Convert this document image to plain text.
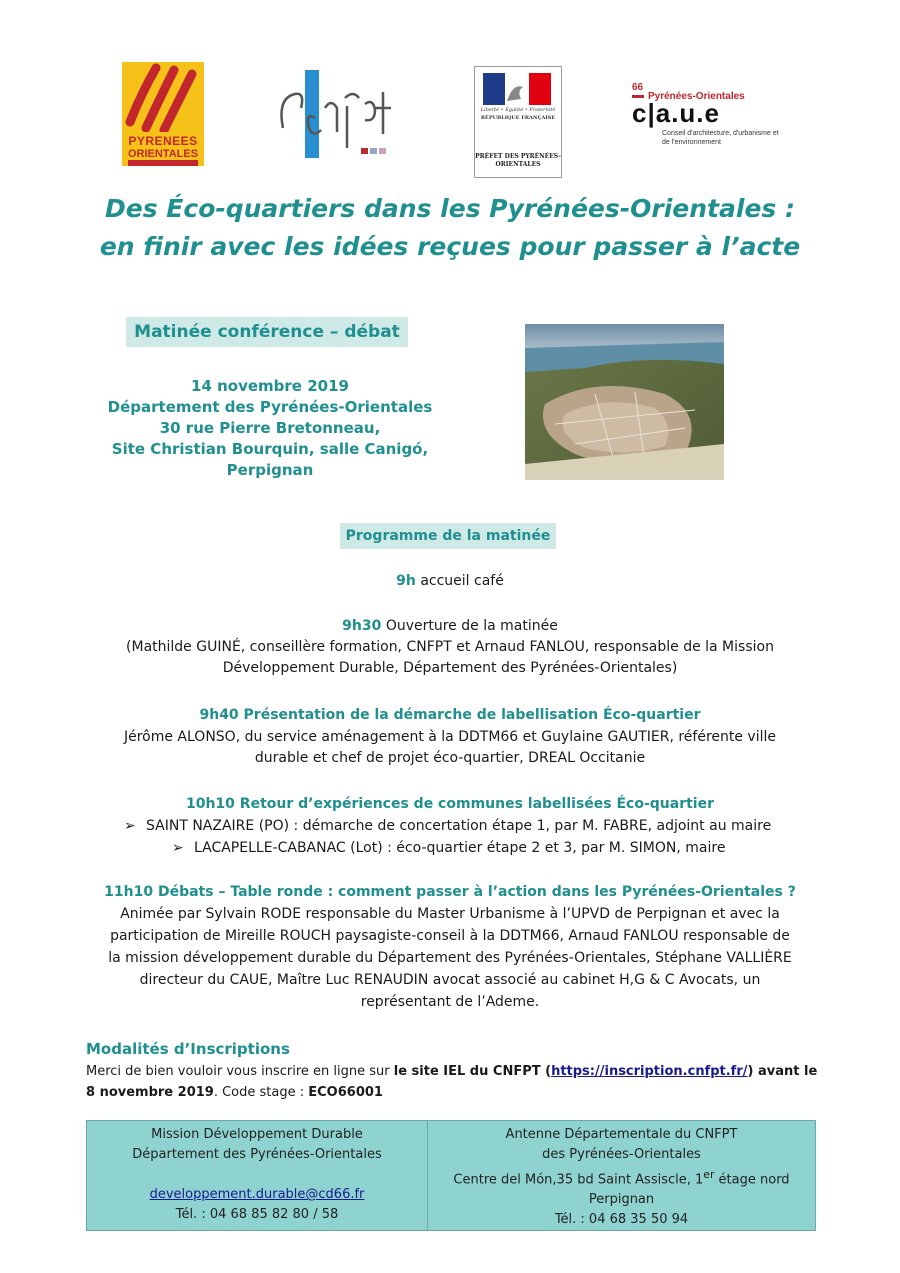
PYRENEES
ORIENTALES
Liberté • Égalité • Fraternité
RÉPUBLIQUE FRANÇAISE
PRÉFET DES PYRÉNÉES-ORIENTALES
66
Pyrénées-Orientales
c|a.u.e
Conseil d'architecture, d'urbanisme et de l'environnement
Des Éco-quartiers dans les Pyrénées-Orientales :
en finir avec les idées reçues pour passer à l’acte
Matinée conférence – débat
14 novembre 2019
Département des Pyrénées-Orientales
30 rue Pierre Bretonneau,
Site Christian Bourquin, salle Canigó,
Perpignan
Programme de la matinée
9h accueil café
9h30 Ouverture de la matinée
(Mathilde GUINÉ, conseillère formation, CNFPT et Arnaud FANLOU, responsable de la Mission
Développement Durable, Département des Pyrénées-Orientales)
9h40 Présentation de la démarche de labellisation Éco-quartier
Jérôme ALONSO, du service aménagement à la DDTM66 et Guylaine GAUTIER, référente ville
durable et chef de projet éco-quartier, DREAL Occitanie
10h10 Retour d’expériences de communes labellisées Éco-quartier
➢ SAINT NAZAIRE (PO) : démarche de concertation étape 1, par M. FABRE, adjoint au maire
➢ LACAPELLE-CABANAC (Lot) : éco-quartier étape 2 et 3, par M. SIMON, maire
11h10 Débats – Table ronde : comment passer à l’action dans les Pyrénées-Orientales ?
Animée par Sylvain RODE responsable du Master Urbanisme à l’UPVD de Perpignan et avec la
participation de Mireille ROUCH paysagiste-conseil à la DDTM66, Arnaud FANLOU responsable de
la mission développement durable du Département des Pyrénées-Orientales, Stéphane VALLIÈRE
directeur du CAUE, Maître Luc RENAUDIN avocat associé au cabinet H,G & C Avocats, un
représentant de l’Ademe.
Modalités d’Inscriptions
Merci de bien vouloir vous inscrire en ligne sur le site IEL du CNFPT (https://inscription.cnfpt.fr/) avant le
8 novembre 2019. Code stage : ECO66001
Mission Développement Durable
Département des Pyrénées-Orientales
developpement.durable@cd66.fr
Tél. : 04 68 85 82 80 / 58
Antenne Départementale du CNFPT
des Pyrénées-Orientales
Centre del Món,35 bd Saint Assiscle, 1er étage nord
Perpignan
Tél. : 04 68 35 50 94
